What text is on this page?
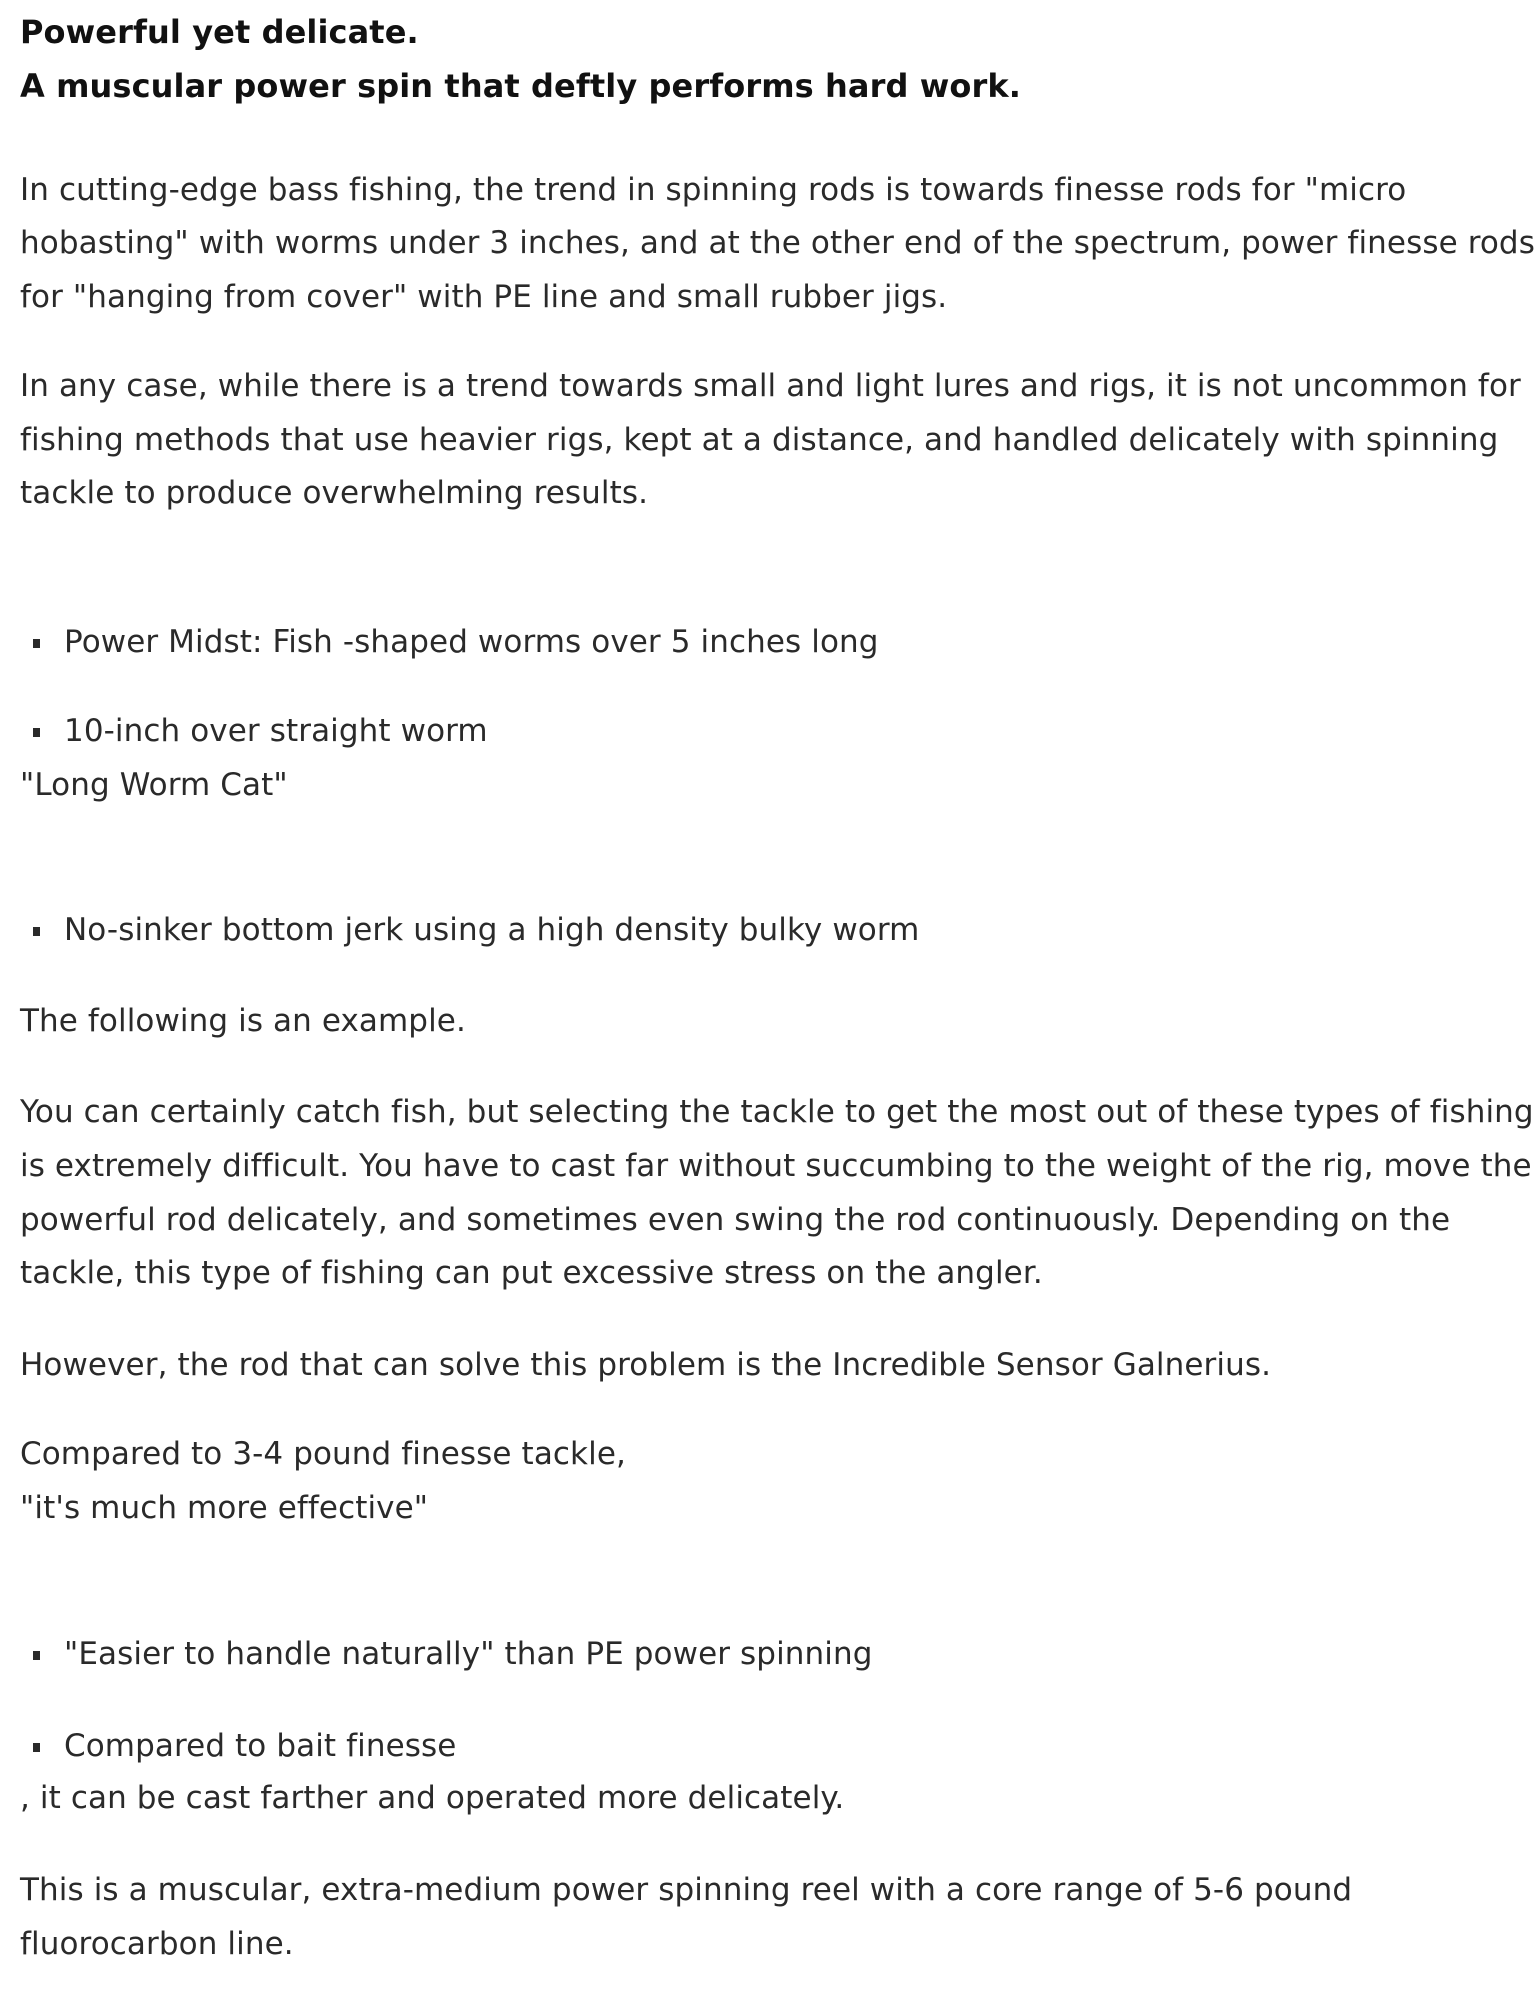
Powerful yet delicate.
A muscular power spin that deftly performs hard work.
In cutting-edge bass fishing, the trend in spinning rods is towards finesse rods for "micro
hobasting" with worms under 3 inches, and at the other end of the spectrum, power finesse rods
for "hanging from cover" with PE line and small rubber jigs.
In any case, while there is a trend towards small and light lures and rigs, it is not uncommon for
fishing methods that use heavier rigs, kept at a distance, and handled delicately with spinning
tackle to produce overwhelming results.
Power Midst: Fish -shaped worms over 5 inches long
10-inch over straight worm
"Long Worm Cat"
No-sinker bottom jerk using a high density bulky worm
The following is an example.
You can certainly catch fish, but selecting the tackle to get the most out of these types of fishing
is extremely difficult. You have to cast far without succumbing to the weight of the rig, move the
powerful rod delicately, and sometimes even swing the rod continuously. Depending on the
tackle, this type of fishing can put excessive stress on the angler.
However, the rod that can solve this problem is the Incredible Sensor Galnerius.
Compared to 3-4 pound finesse tackle,
"it's much more effective"
"Easier to handle naturally" than PE power spinning
Compared to bait finesse
, it can be cast farther and operated more delicately.
This is a muscular, extra-medium power spinning reel with a core range of 5-6 pound
fluorocarbon line.
